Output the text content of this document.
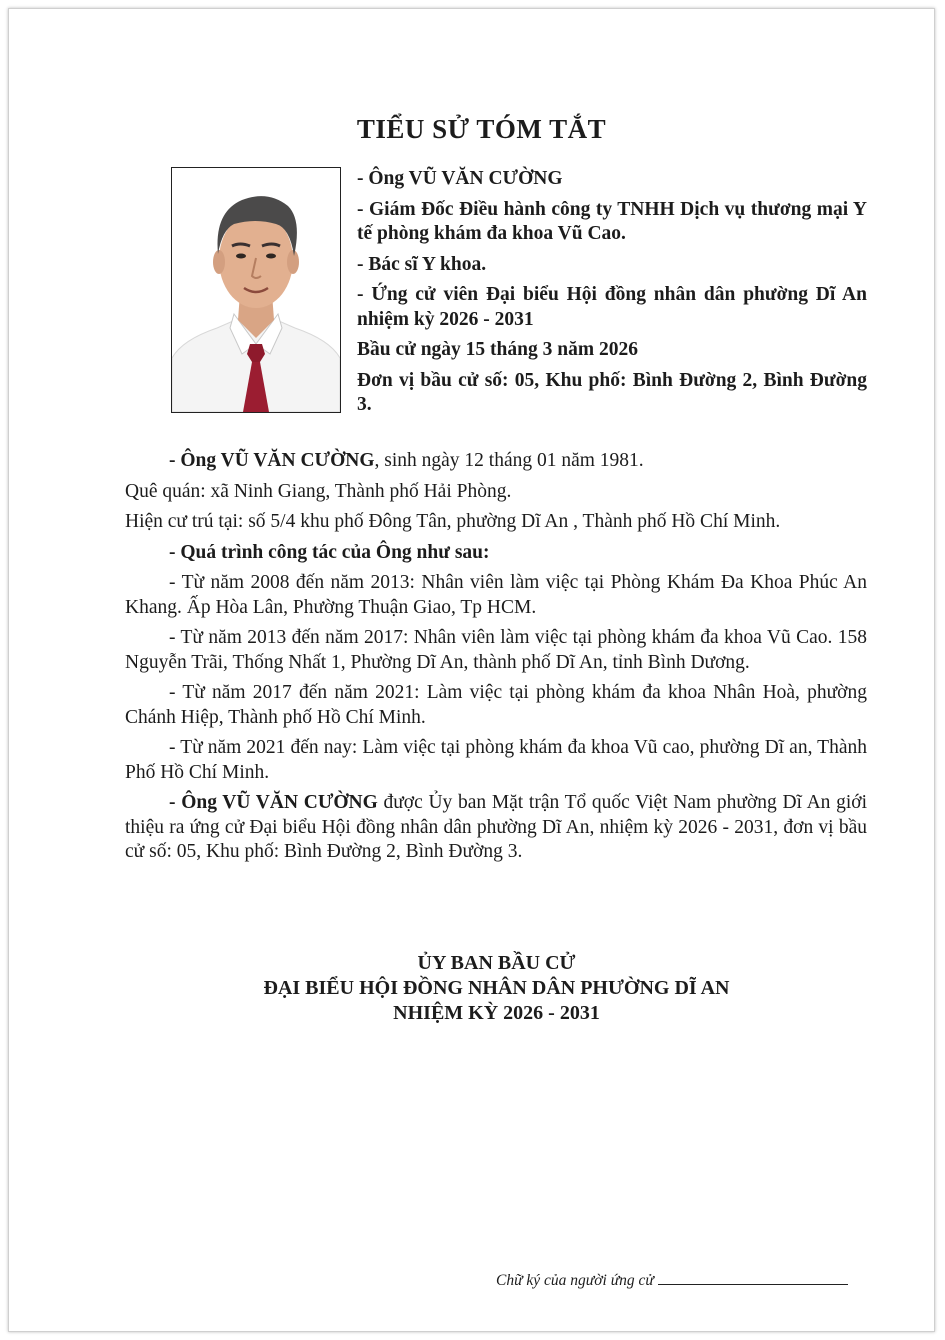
TIỂU SỬ TÓM TẮT

- Ông VŨ VĂN CƯỜNG

- Giám Đốc Điều hành công ty TNHH Dịch vụ thương mại Y tế phòng khám đa khoa Vũ Cao.

- Bác sĩ Y khoa.

- Ứng cử viên Đại biểu Hội đồng nhân dân phường Dĩ An nhiệm kỳ 2026 - 2031

Bầu cử ngày 15 tháng 3 năm 2026

Đơn vị bầu cử số: 05, Khu phố: Bình Đường 2, Bình Đường 3.

- Ông VŨ VĂN CƯỜNG, sinh ngày 12 tháng 01 năm 1981.

Quê quán: xã Ninh Giang, Thành phố Hải Phòng.

Hiện cư trú tại: số 5/4 khu phố Đông Tân, phường Dĩ An , Thành phố Hồ Chí Minh.

- Quá trình công tác của Ông như sau:

- Từ năm 2008 đến năm 2013: Nhân viên làm việc tại Phòng Khám Đa Khoa Phúc An Khang. Ấp Hòa Lân, Phường Thuận Giao, Tp HCM.

- Từ năm 2013 đến năm 2017: Nhân viên làm việc tại phòng khám đa khoa Vũ Cao. 158 Nguyễn Trãi, Thống Nhất 1, Phường Dĩ An, thành phố Dĩ An, tỉnh Bình Dương.

- Từ năm 2017 đến năm 2021: Làm việc tại phòng khám đa khoa Nhân Hoà, phường Chánh Hiệp, Thành phố Hồ Chí Minh.

- Từ năm 2021 đến nay: Làm việc tại phòng khám đa khoa Vũ cao, phường Dĩ an, Thành Phố Hồ Chí Minh.

- Ông VŨ VĂN CƯỜNG được Ủy ban Mặt trận Tổ quốc Việt Nam phường Dĩ An giới thiệu ra ứng cử Đại biểu Hội đồng nhân dân phường Dĩ An, nhiệm kỳ 2026 - 2031, đơn vị bầu cử số: 05, Khu phố: Bình Đường 2, Bình Đường 3.

ỦY BAN BẦU CỬ
ĐẠI BIỂU HỘI ĐỒNG NHÂN DÂN PHƯỜNG DĨ AN
NHIỆM KỲ 2026 - 2031
Chữ ký của người ứng cử
